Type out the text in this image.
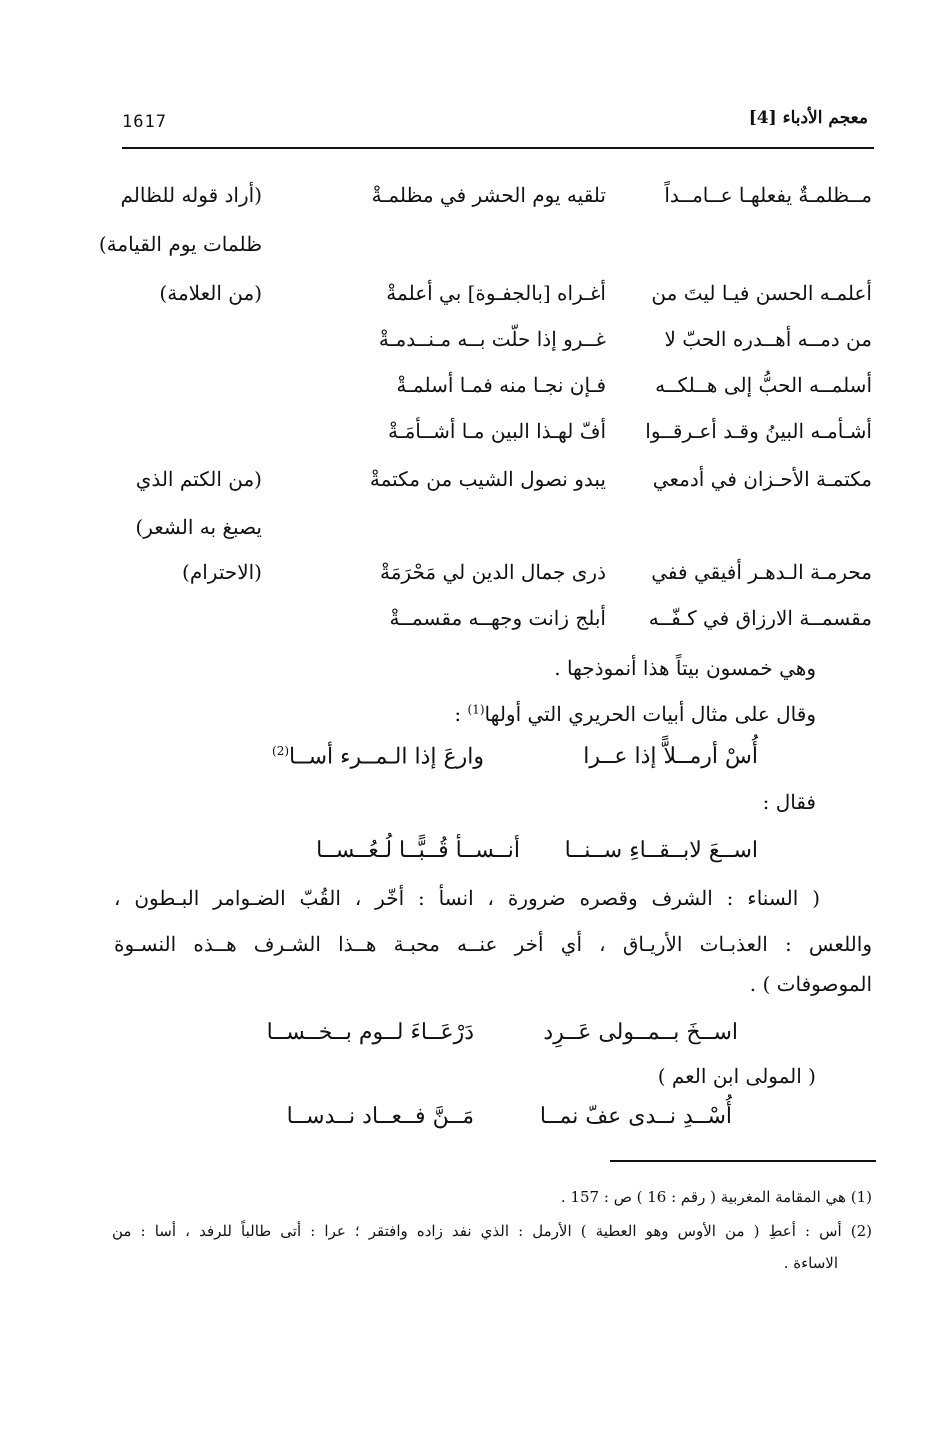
معجم الأدباء [4]
1617
مــظلمـةٌ يفعلهـا عــامــداً
تلقيه يوم الحشر في مظلمـةْ
(أراد قوله للظالم
ظلمات يوم القيامة)
أعلمـه الحسن فيـا ليتَ من
أغـراه [بالجفـوة] بي أعلمةْ
(من العلامة)
من دمــه أهــدره الحبّ لا
غــرو إذا حلّت بــه مـنــدمـةْ
أسلمــه الحبُّ إلى هــلكــه
فـإن نجـا منه فمـا أسلمـةْ
أشـأمـه البينُ وقـد أعـرقــوا
أفّ لهـذا البين مـا أشــأمَـةْ
مكتمـة الأحـزان في أدمعي
يبدو نصول الشيب من مكتمةْ
(من الكتم الذي
يصبغ به الشعر)
محرمـة الـدهـر أفيقي ففي
ذرى جمال الدين لي مَحْرَمَةْ
(الاحترام)
مقسمــة الارزاق في كـفّــه
أبلج زانت وجهــه مقسمــةْ
وهي خمسون بيتاً هذا أنموذجها .
وقال على مثال أبيات الحريري التي أولها$^{(1)}$ :
أُسْ أرمــلاًّ إذا عــرا
وارعَ إذا الـمــرء أســا$^{(2)}$
فقال :
اســعَ لابــقــاءِ ســنــا
أنــســأ قُــبًّــا لُـعُــســا
( السناء : الشرف وقصره ضرورة ، انسأ : أخّر ، القُبّ الضـوامر البـطون ،
واللعس : العذبـات الأريـاق ، أي أخر عنــه محبـة هــذا الشـرف هــذه النسـوة
الموصوفات ) .
اســخَ بــمــولى عَــرِد
دَرْعَــاءَ لــوم بــخــســا
( المولى ابن العم )
أُسْــدِ نــدى عفّ نمــا
مَــنَّ فــعــاد نــدســا
(1) هي المقامة المغربية ( رقم : 16 ) ص : 157 .
(2) أس : أعطِ ( من الأوس وهو العطية ) الأرمل : الذي نفد زاده وافتقر ؛ عرا : أتى طالباً للرفد ، أسا : من
الاساءة .
